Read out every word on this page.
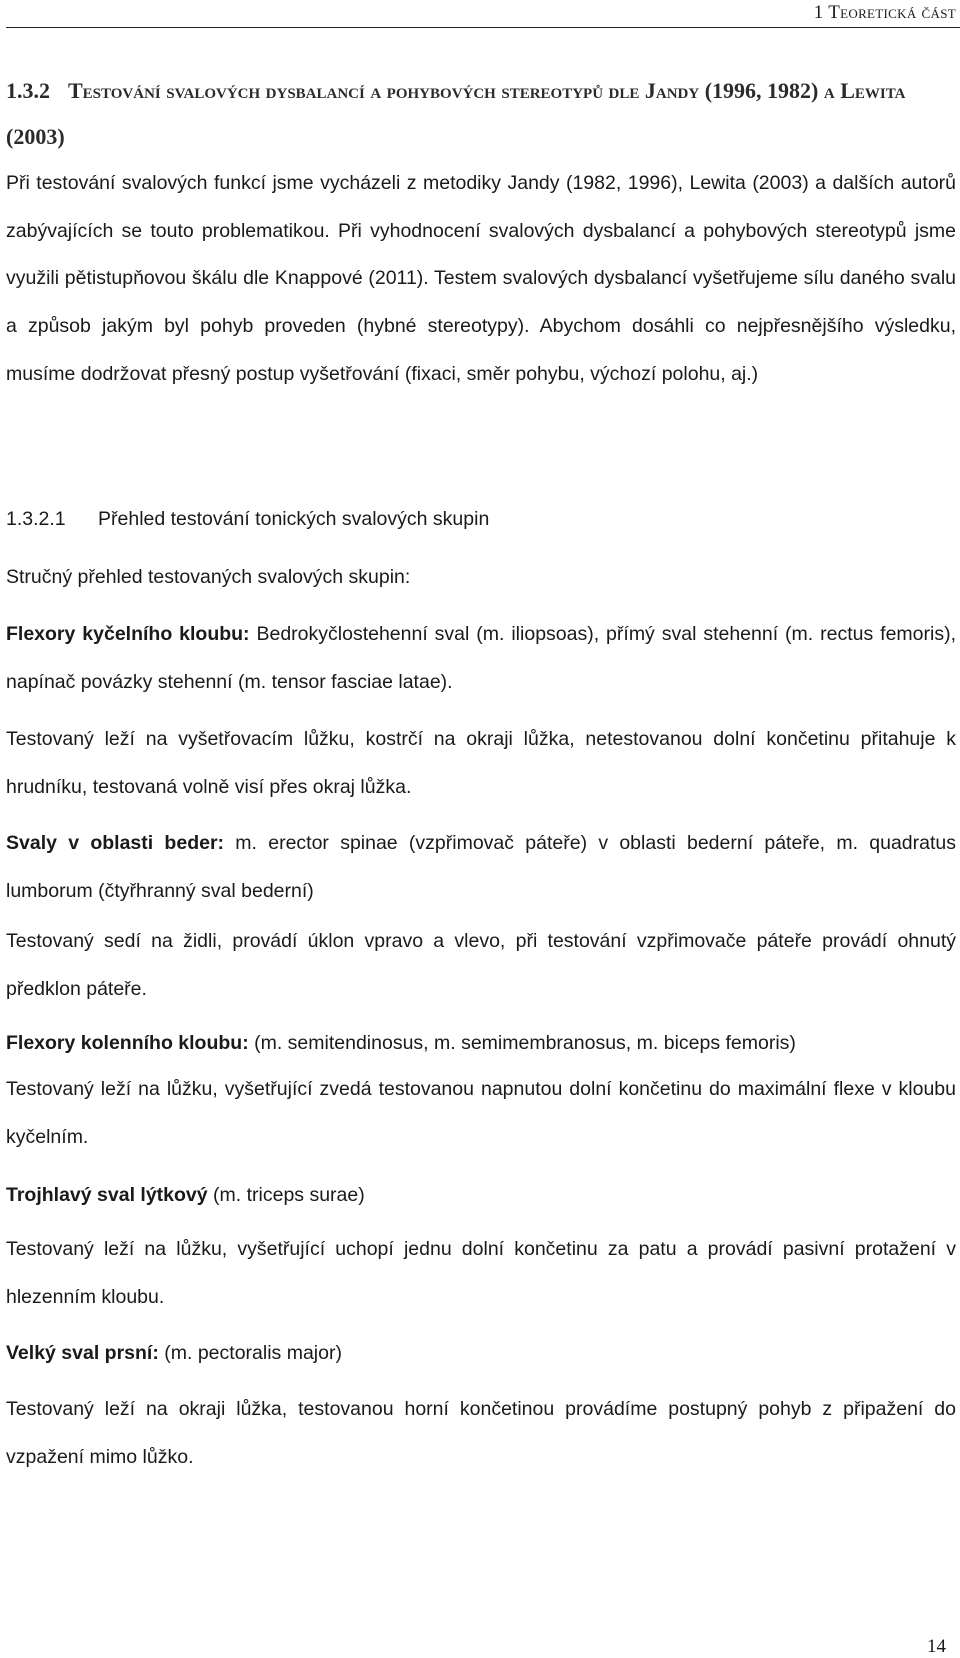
1 Teoretická část
1.3.2 Testování svalových dysbalancí a pohybových stereotypů dle Jandy (1996, 1982) a Lewita (2003)

Při testování svalových funkcí jsme vycházeli z metodiky Jandy (1982, 1996), Lewita (2003) a dalších autorů zabývajících se touto problematikou. Při vyhodnocení svalových dysbalancí a pohybových stereotypů jsme využili pětistupňovou škálu dle Knappové (2011). Testem svalových dysbalancí vyšetřujeme sílu daného svalu a způsob jakým byl pohyb proveden (hybné stereotypy). Abychom dosáhli co nejpřesnějšího výsledku, musíme dodržovat přesný postup vyšetřování (fixaci, směr pohybu, výchozí polohu, aj.)

1.3.2.1 Přehled testování tonických svalových skupin
Stručný přehled testovaných svalových skupin:

Flexory kyčelního kloubu: Bedrokyčlostehenní sval (m. iliopsoas), přímý sval stehenní (m. rectus femoris), napínač povázky stehenní (m. tensor fasciae latae).

Testovaný leží na vyšetřovacím lůžku, kostrčí na okraji lůžka, netestovanou dolní končetinu přitahuje k hrudníku, testovaná volně visí přes okraj lůžka.

Svaly v oblasti beder: m. erector spinae (vzpřimovač páteře) v oblasti bederní páteře, m. quadratus lumborum (čtyřhranný sval bederní)

Testovaný sedí na židli, provádí úklon vpravo a vlevo, při testování vzpřimovače páteře provádí ohnutý předklon páteře.

Flexory kolenního kloubu: (m. semitendinosus, m. semimembranosus, m. biceps femoris)

Testovaný leží na lůžku, vyšetřující zvedá testovanou napnutou dolní končetinu do maximální flexe v kloubu kyčelním.

Trojhlavý sval lýtkový (m. triceps surae)

Testovaný leží na lůžku, vyšetřující uchopí jednu dolní končetinu za patu a provádí pasivní protažení v hlezenním kloubu.

Velký sval prsní: (m. pectoralis major)

Testovaný leží na okraji lůžka, testovanou horní končetinou provádíme postupný pohyb z připažení do vzpažení mimo lůžko.

14
